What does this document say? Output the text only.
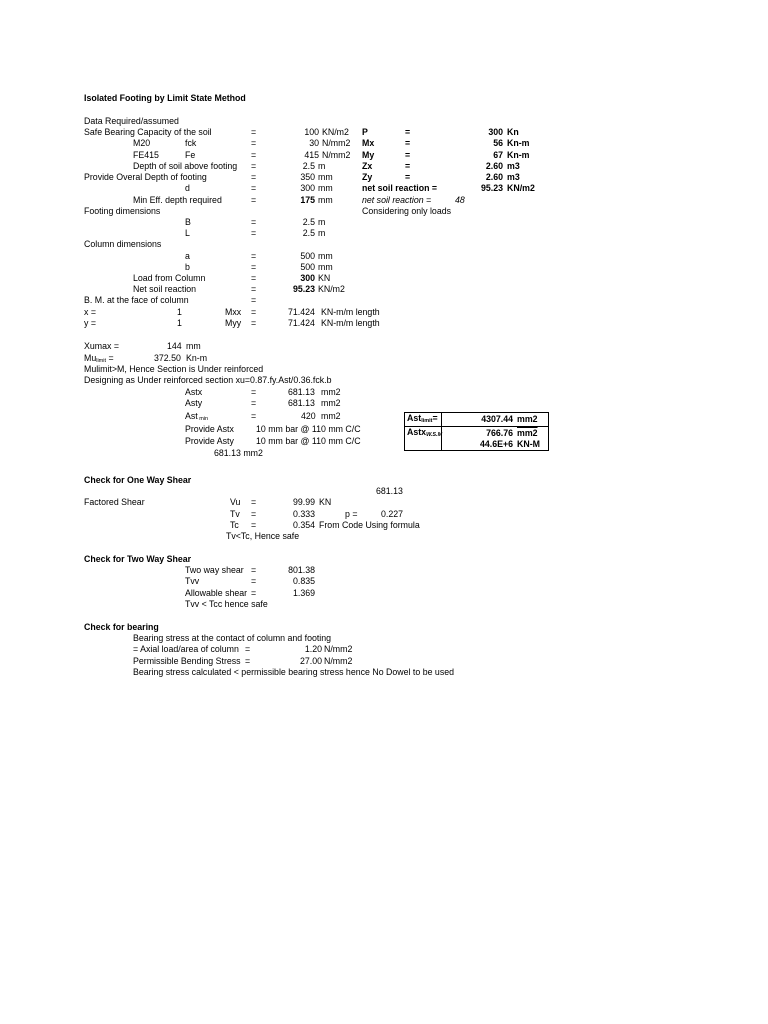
Isolated Footing by Limit State Method
Data Required/assumed
Safe Bearing Capacity of the soil	=	100 KN/m2
M20	fck	=	30 N/mm2
FE415	Fe	=	415 N/mm2
Depth of soil above footing =	2.5 m
Provide Overal Depth of footing	=	350 mm
d	=	300 mm
Min Eff. depth required	=	175 mm
Footing dimensions
B	=	2.5 m
L	=	2.5 m
Column dimensions
a	=	500 mm
b	=	500 mm
Load from Column	=	300 KN
Net soil reaction	=	95.23 KN/m2
B. M. at the face of column	=
x =	1	Mxx =	71.424 KN-m/m length
y =	1	Myy =	71.424 KN-m/m length
P	=	300 Kn
Mx	=	56 Kn-m
My	=	67 Kn-m
Zx	=	2.60 m3
Zy	=	2.60 m3
net soil reaction =	95.23 KN/m2
net soil reaction =	48
Considering only loads
Xumax =	144 mm
Mulimit =	372.50 Kn-m
Mulimit>M, Hence Section is Under reinforced
Designing as Under reinforced section xu=0.87.fy.Ast/0.36.fck.b
Astx	=	681.13 mm2
Asty	=	681.13 mm2
Ast min	=	420 mm2
Provide Astx	10 mm bar @ 110 mm C/C
Provide Asty	10 mm bar @ 110 mm C/C
681.13 mm2
Astlimit=	4307.44 mm2
AstxW.S.M	766.76 mm2
44.6E+6 KN-M
Check for One Way Shear
681.13
Factored Shear	Vu =	99.99 KN
Tv =	0.333	p =	0.227
Tc =	0.354 From Code Using formula
Tv<Tc, Hence safe
Check for Two Way Shear
Two way shear =	801.38
Tvv	=	0.835
Allowable shear =	1.369
Tvv < Tcc hence safe
Check for bearing
Bearing stress at the contact of column and footing
= Axial load/area of column =	1.20 N/mm2
Permissible Bending Stress =	27.00 N/mm2
Bearing stress calculated < permissible bearing stress hence No Dowel to be used
